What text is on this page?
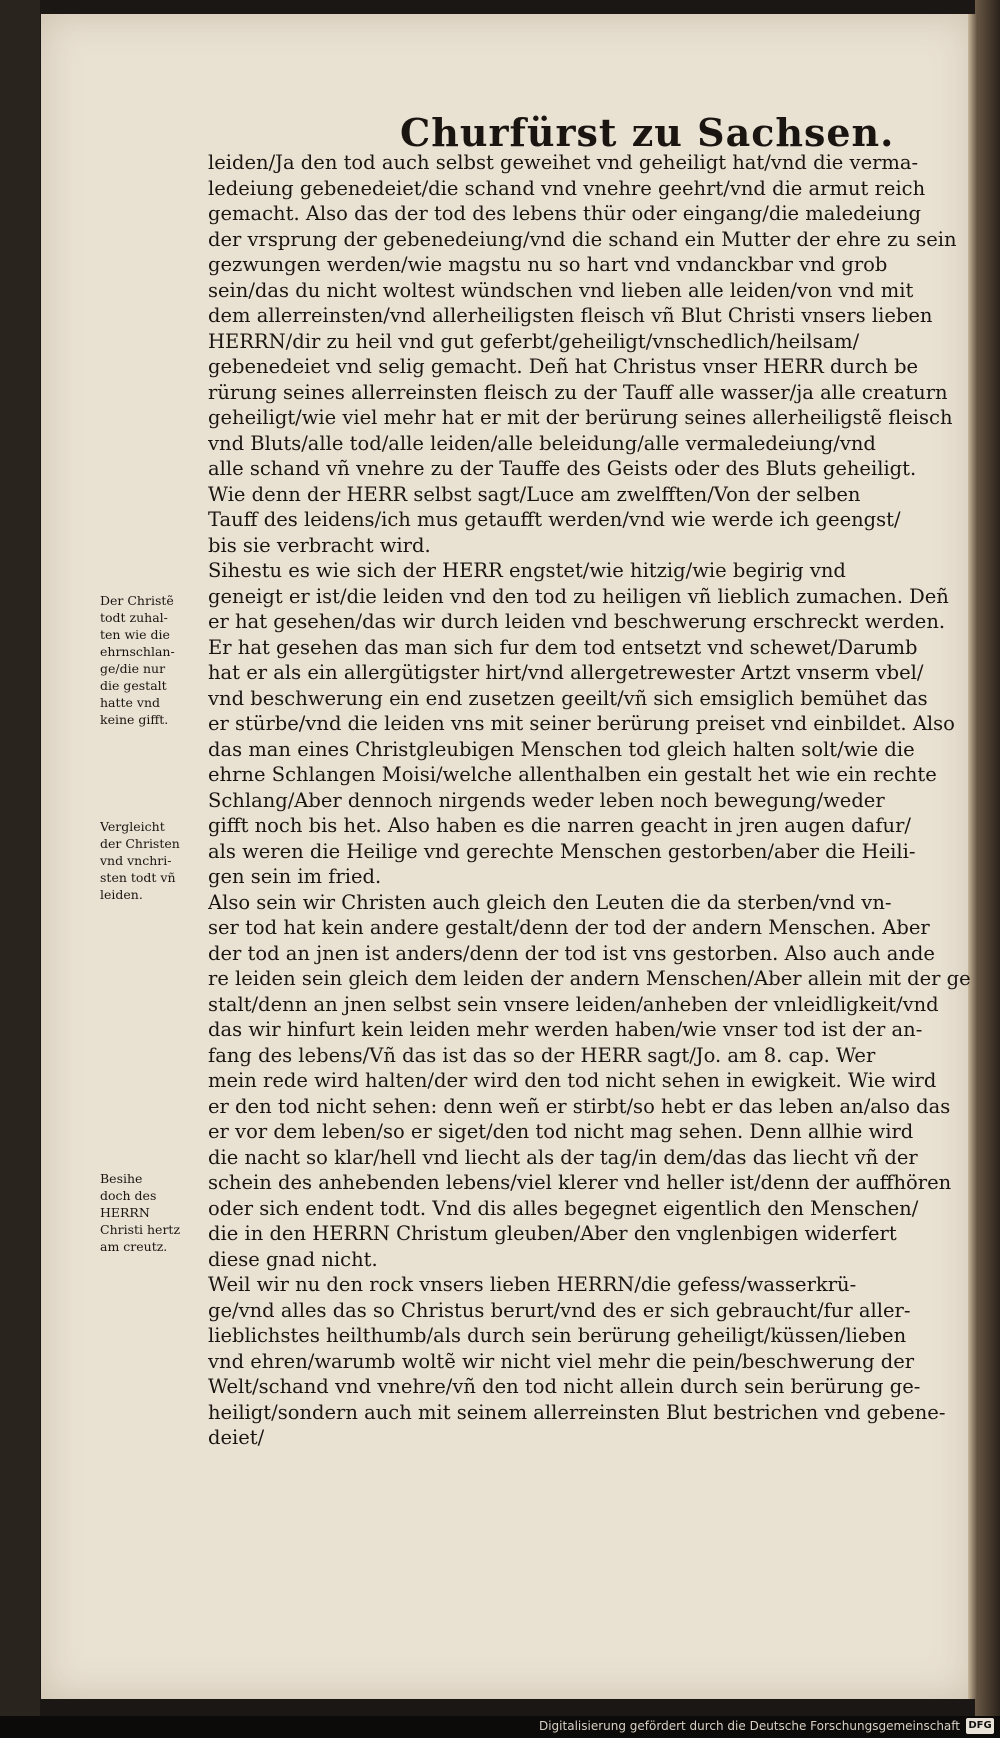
Churfürst zu Sachsen.
leiden/Ja den tod auch selbst geweihet vnd geheiligt hat/vnd die verma-
ledeiung gebenedeiet/die schand vnd vnehre geehrt/vnd die armut reich
gemacht. Also das der tod des lebens thür oder eingang/die maledeiung
der vrsprung der gebenedeiung/vnd die schand ein Mutter der ehre zu sein
gezwungen werden/wie magstu nu so hart vnd vndanckbar vnd grob
sein/das du nicht woltest wündschen vnd lieben alle leiden/von vnd mit
dem allerreinsten/vnd allerheiligsten fleisch vñ Blut Christi vnsers lieben
HERRN/dir zu heil vnd gut geferbt/geheiligt/vnschedlich/heilsam/
gebenedeiet vnd selig gemacht. Deñ hat Christus vnser HERR durch be
rürung seines allerreinsten fleisch zu der Tauff alle wasser/ja alle creaturn
geheiligt/wie viel mehr hat er mit der berürung seines allerheiligstẽ fleisch
vnd Bluts/alle tod/alle leiden/alle beleidung/alle vermaledeiung/vnd
alle schand vñ vnehre zu der Tauffe des Geists oder des Bluts geheiligt.
Wie denn der HERR selbst sagt/Luce am zwelfften/Von der selben
Tauff des leidens/ich mus getaufft werden/vnd wie werde ich geengst/
bis sie verbracht wird.
Sihestu es wie sich der HERR engstet/wie hitzig/wie begirig vnd
geneigt er ist/die leiden vnd den tod zu heiligen vñ lieblich zumachen. Deñ
er hat gesehen/das wir durch leiden vnd beschwerung erschreckt werden.
Er hat gesehen das man sich fur dem tod entsetzt vnd schewet/Darumb
hat er als ein allergütigster hirt/vnd allergetrewester Artzt vnserm vbel/
vnd beschwerung ein end zusetzen geeilt/vñ sich emsiglich bemühet das
er stürbe/vnd die leiden vns mit seiner berürung preiset vnd einbildet. Also
das man eines Christgleubigen Menschen tod gleich halten solt/wie die
ehrne Schlangen Moisi/welche allenthalben ein gestalt het wie ein rechte
Schlang/Aber dennoch nirgends weder leben noch bewegung/weder
gifft noch bis het. Also haben es die narren geacht in jren augen dafur/
als weren die Heilige vnd gerechte Menschen gestorben/aber die Heili-
gen sein im fried.
Also sein wir Christen auch gleich den Leuten die da sterben/vnd vn-
ser tod hat kein andere gestalt/denn der tod der andern Menschen. Aber
der tod an jnen ist anders/denn der tod ist vns gestorben. Also auch ande
re leiden sein gleich dem leiden der andern Menschen/Aber allein mit der ge
stalt/denn an jnen selbst sein vnsere leiden/anheben der vnleidligkeit/vnd
das wir hinfurt kein leiden mehr werden haben/wie vnser tod ist der an-
fang des lebens/Vñ das ist das so der HERR sagt/Jo. am 8. cap. Wer
mein rede wird halten/der wird den tod nicht sehen in ewigkeit. Wie wird
er den tod nicht sehen: denn weñ er stirbt/so hebt er das leben an/also das
er vor dem leben/so er siget/den tod nicht mag sehen. Denn allhie wird
die nacht so klar/hell vnd liecht als der tag/in dem/das das liecht vñ der
schein des anhebenden lebens/viel klerer vnd heller ist/denn der auffhören
oder sich endent todt. Vnd dis alles begegnet eigentlich den Menschen/
die in den HERRN Christum gleuben/Aber den vnglenbigen widerfert
diese gnad nicht.
Weil wir nu den rock vnsers lieben HERRN/die gefess/wasserkrü-
ge/vnd alles das so Christus berurt/vnd des er sich gebraucht/fur aller-
lieblichstes heilthumb/als durch sein berürung geheiligt/küssen/lieben
vnd ehren/warumb woltẽ wir nicht viel mehr die pein/beschwerung der
Welt/schand vnd vnehre/vñ den tod nicht allein durch sein berürung ge-
heiligt/sondern auch mit seinem allerreinsten Blut bestrichen vnd gebene-
deiet/
Der Christẽ
todt zuhal-
ten wie die
ehrnschlan-
ge/die nur
die gestalt
hatte vnd
keine gifft.
Vergleicht
der Christen
vnd vnchri-
sten todt vñ
leiden.
Besihe
doch des
HERRN
Christi hertz
am creutz.
Digitalisierung gefördert durch die Deutsche Forschungsgemeinschaft DFG
